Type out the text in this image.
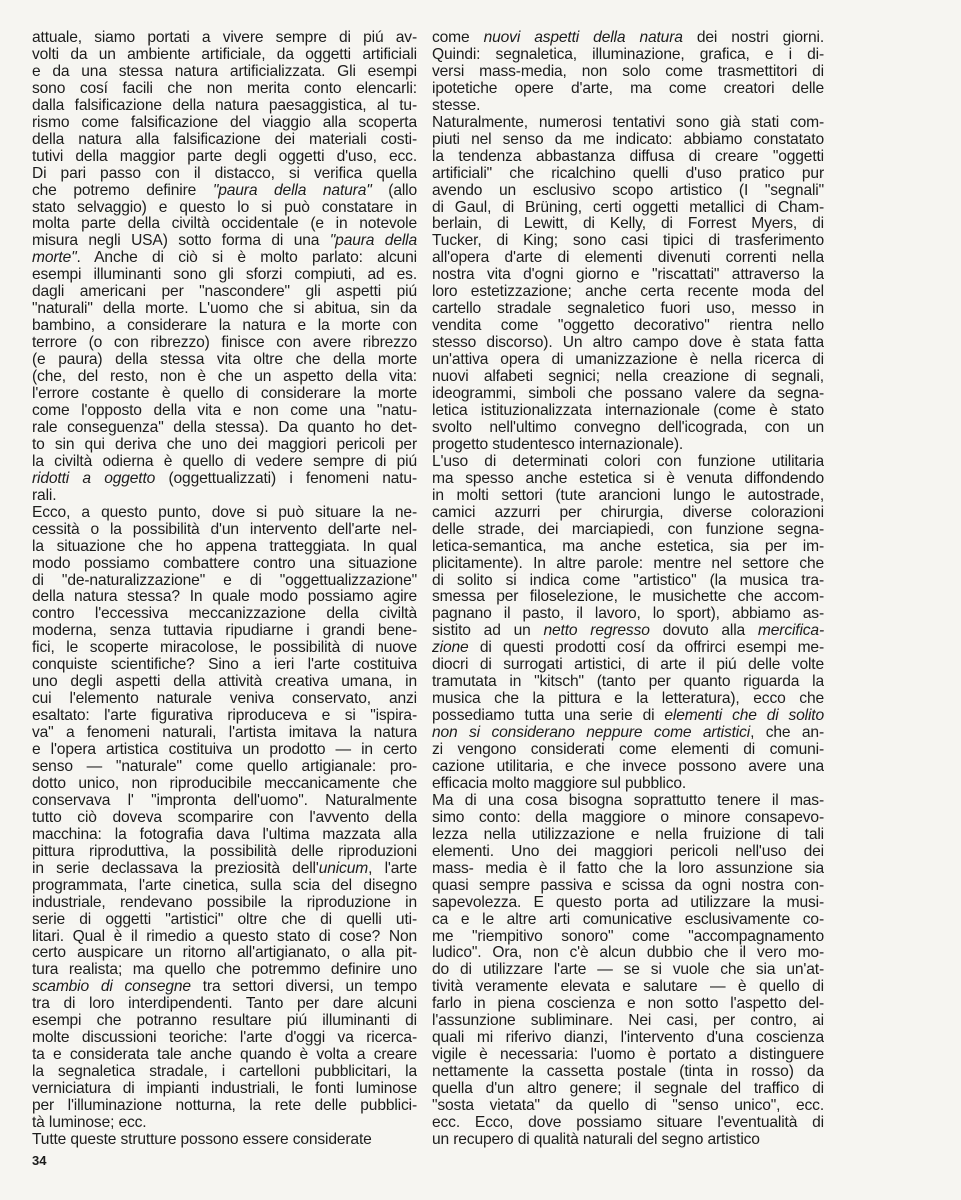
attuale, siamo portati a vivere sempre di piú av-
volti da un ambiente artificiale, da oggetti artificiali
e da una stessa natura artificializzata. Gli esempi
sono cosí facili che non merita conto elencarli:
dalla falsificazione della natura paesaggistica, al tu-
rismo come falsificazione del viaggio alla scoperta
della natura alla falsificazione dei materiali costi-
tutivi della maggior parte degli oggetti d'uso, ecc.
Di pari passo con il distacco, si verifica quella
che potremo definire "paura della natura" (allo
stato selvaggio) e questo lo si può constatare in
molta parte della civiltà occidentale (e in notevole
misura negli USA) sotto forma di una "paura della
morte". Anche di ciò si è molto parlato: alcuni
esempi illuminanti sono gli sforzi compiuti, ad es.
dagli americani per "nascondere" gli aspetti piú
"naturali" della morte. L'uomo che si abitua, sin da
bambino, a considerare la natura e la morte con
terrore (o con ribrezzo) finisce con avere ribrezzo
(e paura) della stessa vita oltre che della morte
(che, del resto, non è che un aspetto della vita:
l'errore costante è quello di considerare la morte
come l'opposto della vita e non come una "natu-
rale conseguenza" della stessa). Da quanto ho det-
to sin qui deriva che uno dei maggiori pericoli per
la civiltà odierna è quello di vedere sempre di piú
ridotti a oggetto (oggettualizzati) i fenomeni natu-
rali.
Ecco, a questo punto, dove si può situare la ne-
cessità o la possibilità d'un intervento dell'arte nel-
la situazione che ho appena tratteggiata. In qual
modo possiamo combattere contro una situazione
di "de-naturalizzazione" e di "oggettualizzazione"
della natura stessa? In quale modo possiamo agire
contro l'eccessiva meccanizzazione della civiltà
moderna, senza tuttavia ripudiarne i grandi bene-
fici, le scoperte miracolose, le possibilità di nuove
conquiste scientifiche? Sino a ieri l'arte costituiva
uno degli aspetti della attività creativa umana, in
cui l'elemento naturale veniva conservato, anzi
esaltato: l'arte figurativa riproduceva e si "ispira-
va" a fenomeni naturali, l'artista imitava la natura
e l'opera artistica costituiva un prodotto — in certo
senso — "naturale" come quello artigianale: pro-
dotto unico, non riproducibile meccanicamente che
conservava l' "impronta dell'uomo". Naturalmente
tutto ciò doveva scomparire con l'avvento della
macchina: la fotografia dava l'ultima mazzata alla
pittura riproduttiva, la possibilità delle riproduzioni
in serie declassava la preziosità dell'unicum, l'arte
programmata, l'arte cinetica, sulla scia del disegno
industriale, rendevano possibile la riproduzione in
serie di oggetti "artistici" oltre che di quelli uti-
litari. Qual è il rimedio a questo stato di cose? Non
certo auspicare un ritorno all'artigianato, o alla pit-
tura realista; ma quello che potremmo definire uno
scambio di consegne tra settori diversi, un tempo
tra di loro interdipendenti. Tanto per dare alcuni
esempi che potranno resultare piú illuminanti di
molte discussioni teoriche: l'arte d'oggi va ricerca-
ta e considerata tale anche quando è volta a creare
la segnaletica stradale, i cartelloni pubblicitari, la
verniciatura di impianti industriali, le fonti luminose
per l'illuminazione notturna, la rete delle pubblici-
tà luminose; ecc.
Tutte queste strutture possono essere considerate
come nuovi aspetti della natura dei nostri giorni.
Quindi: segnaletica, illuminazione, grafica, e i di-
versi mass-media, non solo come trasmettitori di
ipotetiche opere d'arte, ma come creatori delle
stesse.
Naturalmente, numerosi tentativi sono già stati com-
piuti nel senso da me indicato: abbiamo constatato
la tendenza abbastanza diffusa di creare "oggetti
artificiali" che ricalchino quelli d'uso pratico pur
avendo un esclusivo scopo artistico (I "segnali"
di Gaul, di Brüning, certi oggetti metallici di Cham-
berlain, di Lewitt, di Kelly, di Forrest Myers, di
Tucker, di King; sono casi tipici di trasferimento
all'opera d'arte di elementi divenuti correnti nella
nostra vita d'ogni giorno e "riscattati" attraverso la
loro estetizzazione; anche certa recente moda del
cartello stradale segnaletico fuori uso, messo in
vendita come "oggetto decorativo" rientra nello
stesso discorso). Un altro campo dove è stata fatta
un'attiva opera di umanizzazione è nella ricerca di
nuovi alfabeti segnici; nella creazione di segnali,
ideogrammi, simboli che possano valere da segna-
letica istituzionalizzata internazionale (come è stato
svolto nell'ultimo convegno dell'icograda, con un
progetto studentesco internazionale).
L'uso di determinati colori con funzione utilitaria
ma spesso anche estetica si è venuta diffondendo
in molti settori (tute arancioni lungo le autostrade,
camici azzurri per chirurgia, diverse colorazioni
delle strade, dei marciapiedi, con funzione segna-
letica-semantica, ma anche estetica, sia per im-
plicitamente). In altre parole: mentre nel settore che
di solito si indica come "artistico" (la musica tra-
smessa per filoselezione, le musichette che accom-
pagnano il pasto, il lavoro, lo sport), abbiamo as-
sistito ad un netto regresso dovuto alla mercifica-
zione di questi prodotti cosí da offrirci esempi me-
diocri di surrogati artistici, di arte il piú delle volte
tramutata in "kitsch" (tanto per quanto riguarda la
musica che la pittura e la letteratura), ecco che
possediamo tutta una serie di elementi che di solito
non si considerano neppure come artistici, che an-
zi vengono considerati come elementi di comuni-
cazione utilitaria, e che invece possono avere una
efficacia molto maggiore sul pubblico.
Ma di una cosa bisogna soprattutto tenere il mas-
simo conto: della maggiore o minore consapevo-
lezza nella utilizzazione e nella fruizione di tali
elementi. Uno dei maggiori pericoli nell'uso dei
mass- media è il fatto che la loro assunzione sia
quasi sempre passiva e scissa da ogni nostra con-
sapevolezza. E questo porta ad utilizzare la musi-
ca e le altre arti comunicative esclusivamente co-
me "riempitivo sonoro" come "accompagnamento
ludico". Ora, non c'è alcun dubbio che il vero mo-
do di utilizzare l'arte — se si vuole che sia un'at-
tività veramente elevata e salutare — è quello di
farlo in piena coscienza e non sotto l'aspetto del-
l'assunzione subliminare. Nei casi, per contro, ai
quali mi riferivo dianzi, l'intervento d'una coscienza
vigile è necessaria: l'uomo è portato a distinguere
nettamente la cassetta postale (tinta in rosso) da
quella d'un altro genere; il segnale del traffico di
"sosta vietata" da quello di "senso unico", ecc.
ecc. Ecco, dove possiamo situare l'eventualità di
un recupero di qualità naturali del segno artistico
34
